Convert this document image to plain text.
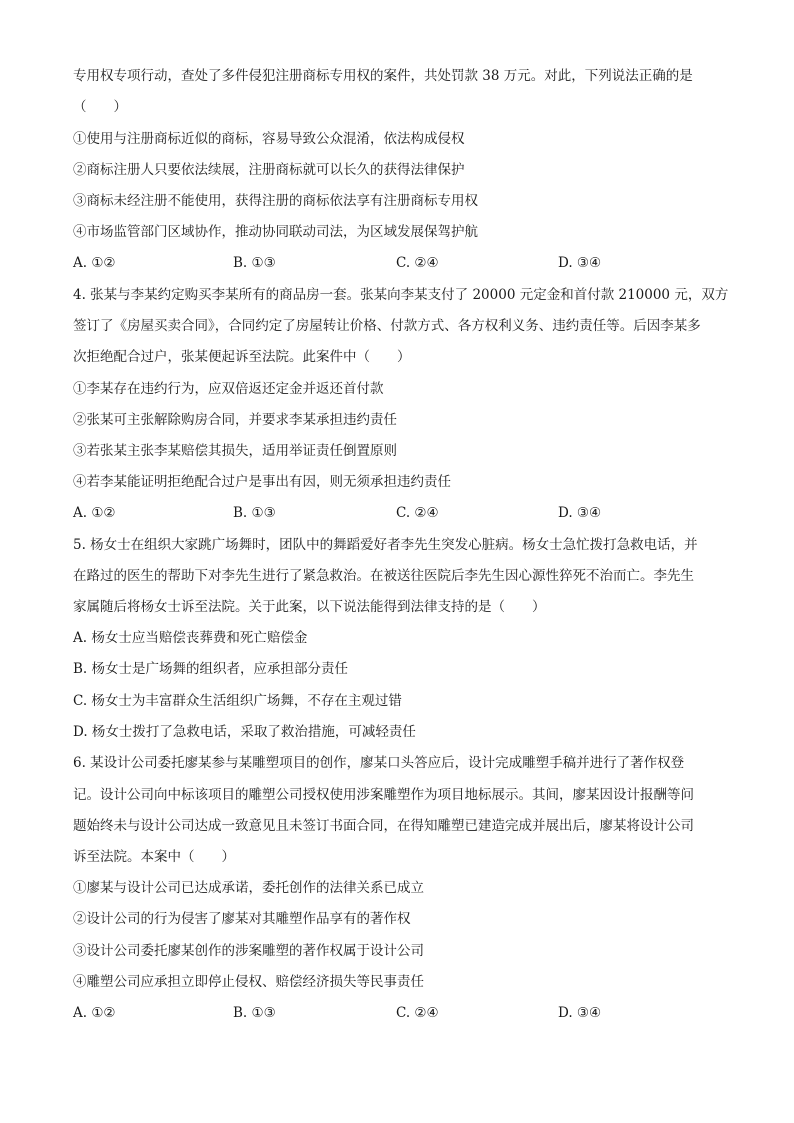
专用权专项行动，查处了多件侵犯注册商标专用权的案件，共处罚款 38 万元。对此，下列说法正确的是
（　　）
①使用与注册商标近似的商标，容易导致公众混淆，依法构成侵权
②商标注册人只要依法续展，注册商标就可以长久的获得法律保护
③商标未经注册不能使用，获得注册的商标依法享有注册商标专用权
④市场监管部门区域协作，推动协同联动司法，为区域发展保驾护航
A. ①②	B. ①③	C. ②④	D. ③④
4. 张某与李某约定购买李某所有的商品房一套。张某向李某支付了 20000 元定金和首付款 210000 元，双方
签订了《房屋买卖合同》，合同约定了房屋转让价格、付款方式、各方权利义务、违约责任等。后因李某多
次拒绝配合过户，张某便起诉至法院。此案件中（　　）
①李某存在违约行为，应双倍返还定金并返还首付款
②张某可主张解除购房合同，并要求李某承担违约责任
③若张某主张李某赔偿其损失，适用举证责任倒置原则
④若李某能证明拒绝配合过户是事出有因，则无须承担违约责任
A. ①②	B. ①③	C. ②④	D. ③④
5. 杨女士在组织大家跳广场舞时，团队中的舞蹈爱好者李先生突发心脏病。杨女士急忙拨打急救电话，并
在路过的医生的帮助下对李先生进行了紧急救治。在被送往医院后李先生因心源性猝死不治而亡。李先生
家属随后将杨女士诉至法院。关于此案，以下说法能得到法律支持的是（　　）
A. 杨女士应当赔偿丧葬费和死亡赔偿金
B. 杨女士是广场舞的组织者，应承担部分责任
C. 杨女士为丰富群众生活组织广场舞，不存在主观过错
D. 杨女士拨打了急救电话，采取了救治措施，可减轻责任
6. 某设计公司委托廖某参与某雕塑项目的创作，廖某口头答应后，设计完成雕塑手稿并进行了著作权登
记。设计公司向中标该项目的雕塑公司授权使用涉案雕塑作为项目地标展示。其间，廖某因设计报酬等问
题始终未与设计公司达成一致意见且未签订书面合同，在得知雕塑已建造完成并展出后，廖某将设计公司
诉至法院。本案中（　　）
①廖某与设计公司已达成承诺，委托创作的法律关系已成立
②设计公司的行为侵害了廖某对其雕塑作品享有的著作权
③设计公司委托廖某创作的涉案雕塑的著作权属于设计公司
④雕塑公司应承担立即停止侵权、赔偿经济损失等民事责任
A. ①②	B. ①③	C. ②④	D. ③④
